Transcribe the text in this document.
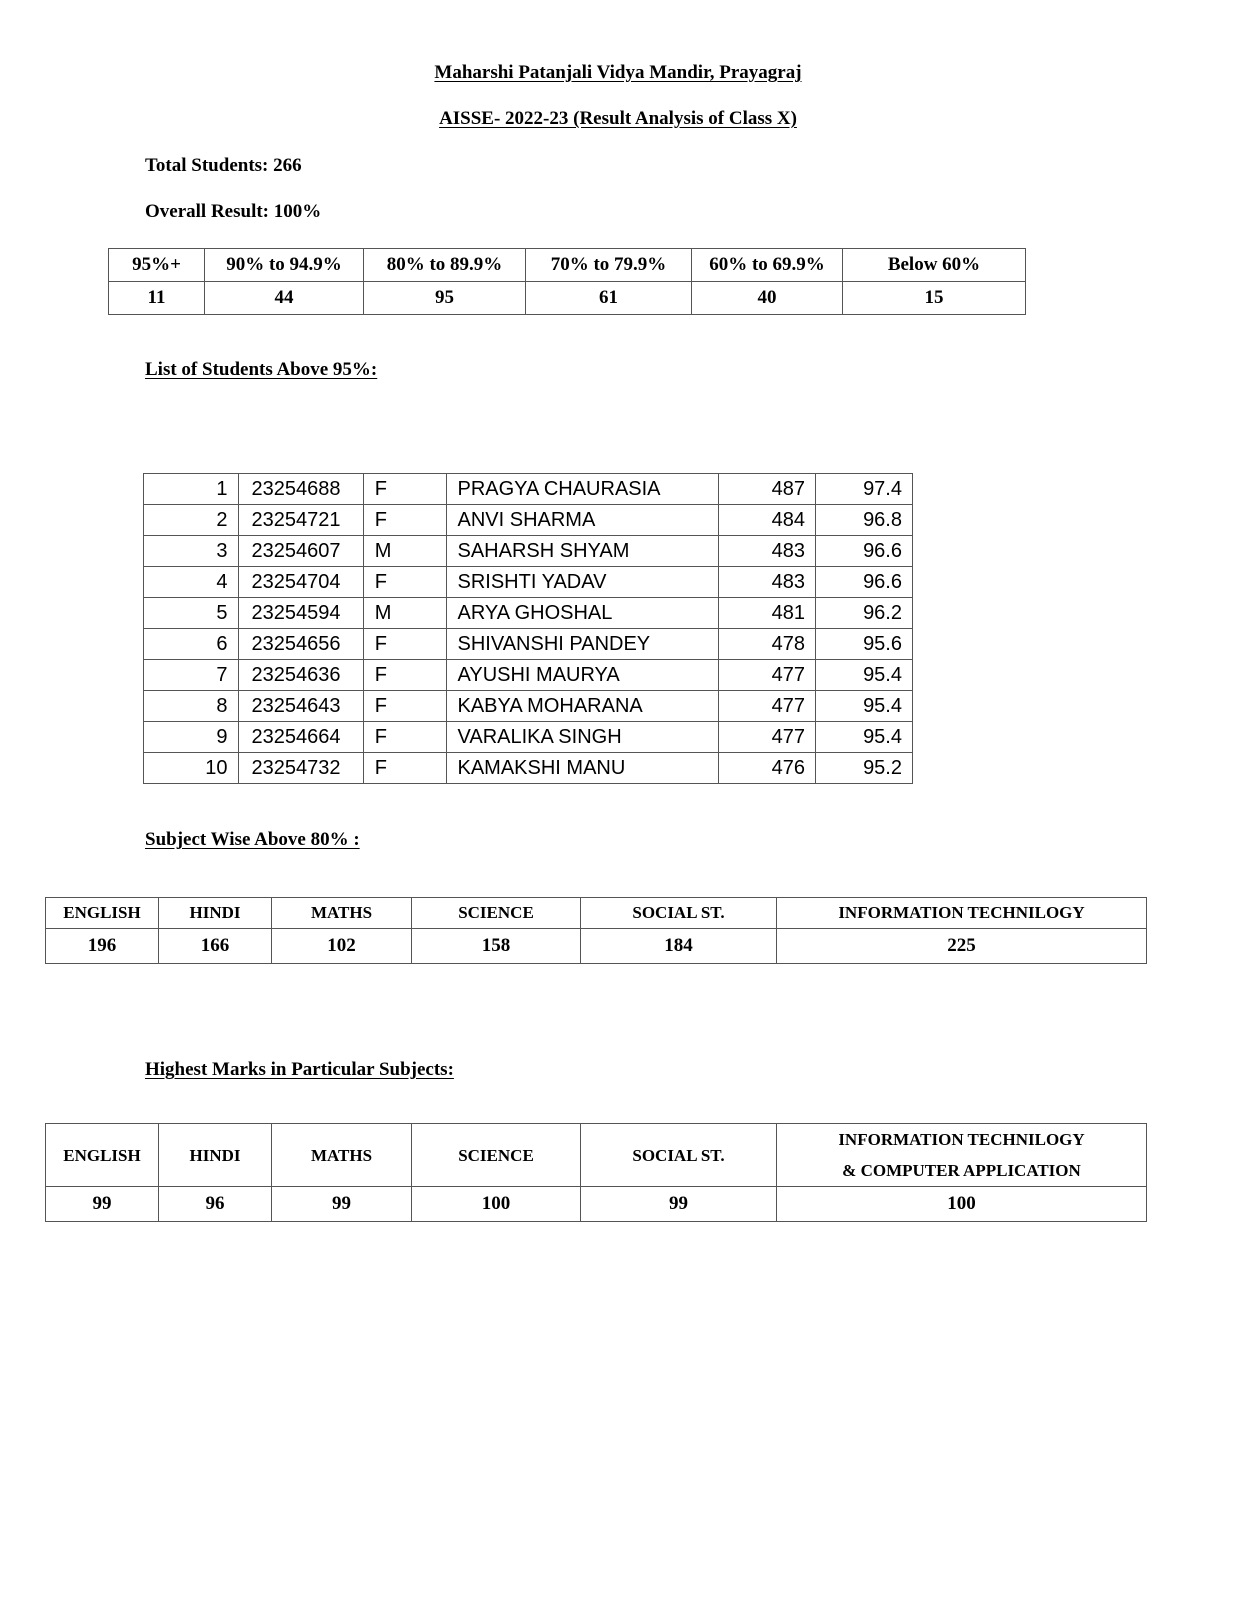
Maharshi Patanjali Vidya Mandir, Prayagraj
AISSE- 2022-23 (Result Analysis of Class X)
Total Students: 266
Overall Result: 100%
95%+	90% to 94.9%	80% to 89.9%	70% to 79.9%	60% to 69.9%	Below 60%
11	44	95	61	40	15
List of Students Above 95%:
1	23254688	F	PRAGYA CHAURASIA	487	97.4
2	23254721	F	ANVI SHARMA	484	96.8
3	23254607	M	SAHARSH SHYAM	483	96.6
4	23254704	F	SRISHTI YADAV	483	96.6
5	23254594	M	ARYA GHOSHAL	481	96.2
6	23254656	F	SHIVANSHI PANDEY	478	95.6
7	23254636	F	AYUSHI MAURYA	477	95.4
8	23254643	F	KABYA MOHARANA	477	95.4
9	23254664	F	VARALIKA SINGH	477	95.4
10	23254732	F	KAMAKSHI MANU	476	95.2
Subject Wise Above 80% :
ENGLISH	HINDI	MATHS	SCIENCE	SOCIAL ST.	INFORMATION TECHNILOGY
196	166	102	158	184	225
Highest Marks in Particular Subjects:
ENGLISH	HINDI	MATHS	SCIENCE	SOCIAL ST.	INFORMATION TECHNILOGY & COMPUTER APPLICATION
99	96	99	100	99	100
